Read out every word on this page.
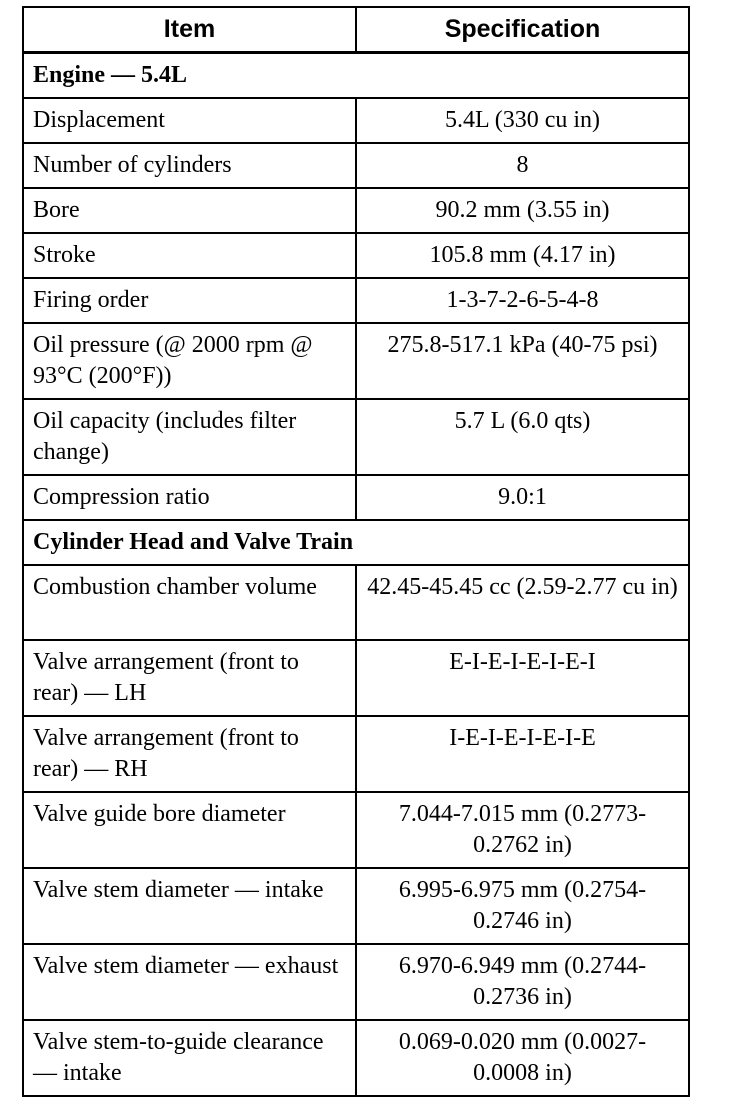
Item	Specification
Engine — 5.4L	
Displacement	5.4L (330 cu in)
Number of cylinders	8
Bore	90.2 mm (3.55 in)
Stroke	105.8 mm (4.17 in)
Firing order	1-3-7-2-6-5-4-8
Oil pressure (@ 2000 rpm @ 93°C (200°F))	275.8-517.1 kPa (40-75 psi)
Oil capacity (includes filter change)	5.7 L (6.0 qts)
Compression ratio	9.0:1
Cylinder Head and Valve Train	
Combustion chamber volume	42.45-45.45 cc (2.59-2.77 cu in)
Valve arrangement (front to rear) — LH	E-I-E-I-E-I-E-I
Valve arrangement (front to rear) — RH	I-E-I-E-I-E-I-E
Valve guide bore diameter	7.044-7.015 mm (0.2773-0.2762 in)
Valve stem diameter — intake	6.995-6.975 mm (0.2754-0.2746 in)
Valve stem diameter — exhaust	6.970-6.949 mm (0.2744-0.2736 in)
Valve stem-to-guide clearance — intake	0.069-0.020 mm (0.0027-0.0008 in)
